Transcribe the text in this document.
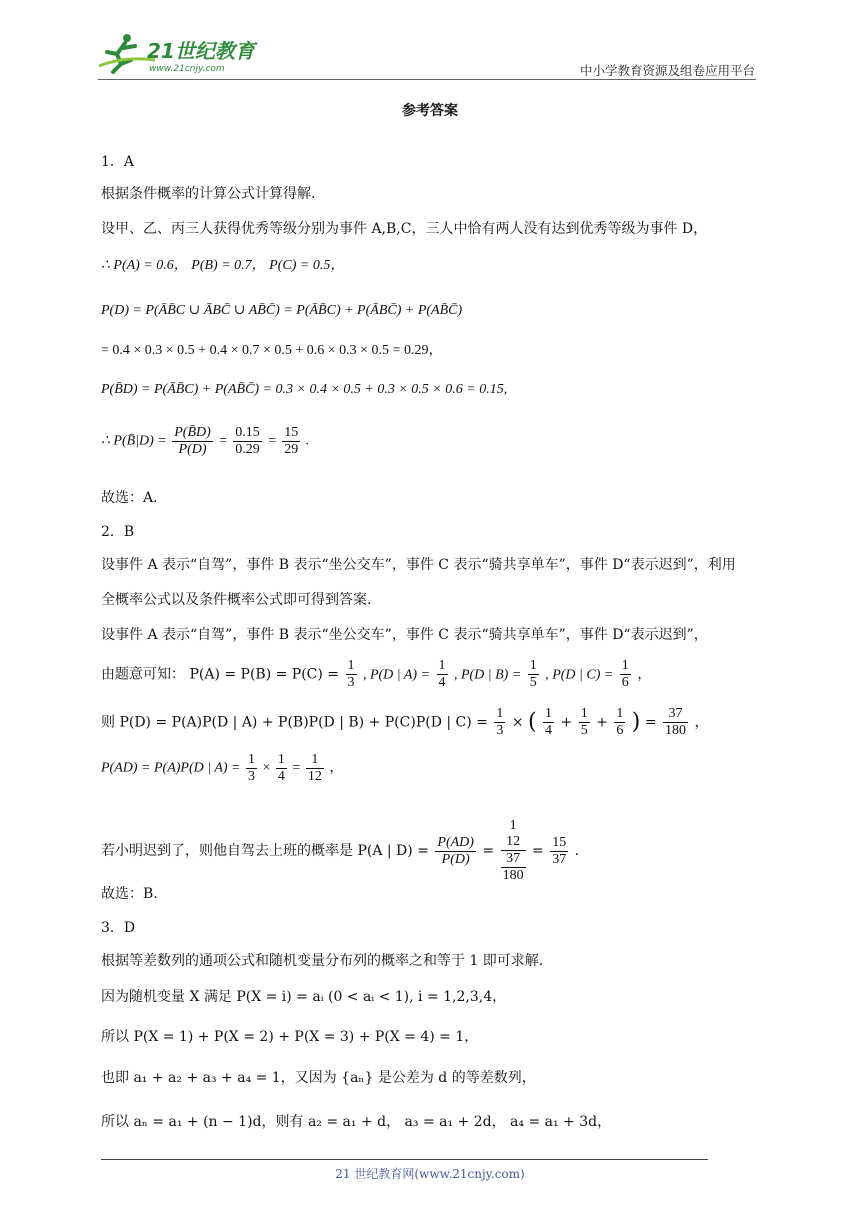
21世纪教育
www.21cnjy.com	中小学教育资源及组卷应用平台
参考答案
1．A
根据条件概率的计算公式计算得解.
设甲、乙、丙三人获得优秀等级分别为事件 A,B,C，三人中恰有两人没有达到优秀等级为事件 D，
∴ P(A) = 0.6， P(B) = 0.7， P(C) = 0.5，
P(D) = P(ĀB̄C ∪ ĀBC̄ ∪ AB̄C̄) = P(ĀB̄C) + P(ĀBC̄) + P(AB̄C̄)
= 0.4 × 0.3 × 0.5 + 0.4 × 0.7 × 0.5 + 0.6 × 0.3 × 0.5 = 0.29，
P(B̄D) = P(ĀB̄C) + P(AB̄C̄) = 0.3 × 0.4 × 0.5 + 0.3 × 0.5 × 0.6 = 0.15,
∴ P(B̄|D) = $\frac{P(B̄D)}{P(D)} = \frac{0.15}{0.29} = \frac{15}{29}$ .
故选：A.
2．B
设事件 A 表示“自驾”，事件 B 表示“坐公交车”，事件 C 表示“骑共享单车”，事件 D“表示迟到”，利用
全概率公式以及条件概率公式即可得到答案.
设事件 A 表示“自驾”，事件 B 表示“坐公交车”，事件 C 表示“骑共享单车”，事件 D“表示迟到”，
由题意可知： $P(A) = P(B) = P(C) = \frac{1}{3}$ , P(D | $A) = \frac{1}{4}$ , P(D | $B) = \frac{1}{5}$ , P(D | $C) = \frac{1}{6}$ ，
则 P(D) = P(A)P(D | A) + P(B)P(D | B) + P(C)P(D | $C) = \frac{1}{3}$ × ( $\frac{1}{4} + \frac{1}{5} + \frac{1}{6}$ ) = $\frac{37}{180}$ ，
P(AD) = P(A)P(D | $A) = \frac{1}{3} \times \frac{1}{4} = \frac{1}{12}$ ，
若小明迟到了，则他自驾去上班的概率是 P(A | $D) = \frac{P(AD)}{P(D)}$ =
1
12
37
180
= $\frac{15}{37}$ .
故选：B.
3．D
根据等差数列的通项公式和随机变量分布列的概率之和等于 1 即可求解.
因为随机变量 X 满足 P(X = i) = aᵢ (0 < aᵢ < 1), i = 1,2,3,4，
所以 P(X = 1) + P(X = 2) + P(X = 3) + P(X = 4) = 1，
也即 a₁ + a₂ + a₃ + a₄ = 1，又因为 {aₙ} 是公差为 d 的等差数列，
所以 aₙ = a₁ + (n − 1)d，则有 a₂ = a₁ + d， a₃ = a₁ + 2d， a₄ = a₁ + 3d，
21 世纪教育网(www.21cnjy.com)
